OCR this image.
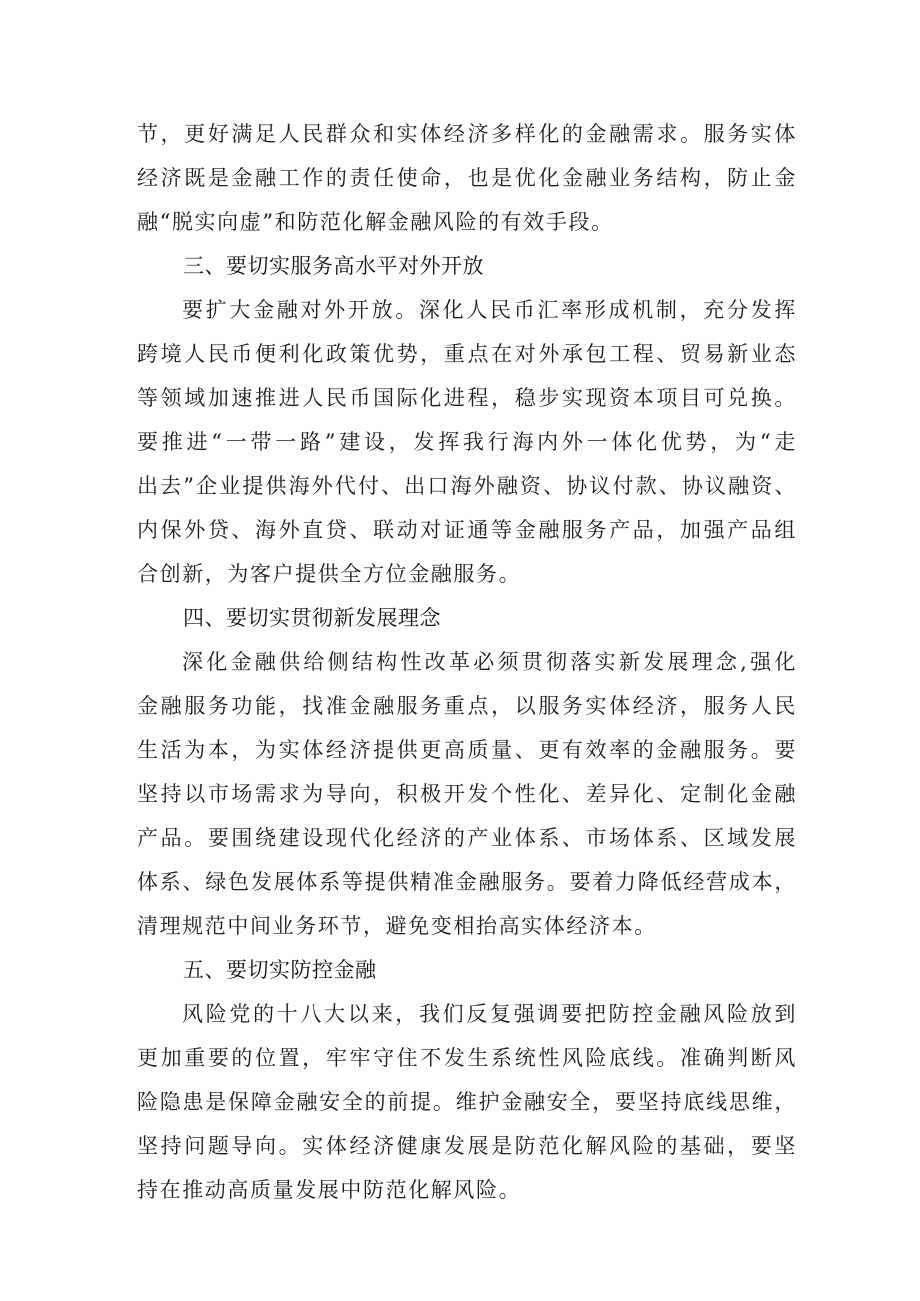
节，更好满足人民群众和实体经济多样化的金融需求。服务实体
经济既是金融工作的责任使命，也是优化金融业务结构，防止金
融“脱实向虚”和防范化解金融风险的有效手段。
三、要切实服务高水平对外开放
要扩大金融对外开放。深化人民币汇率形成机制，充分发挥
跨境人民币便利化政策优势，重点在对外承包工程、贸易新业态
等领域加速推进人民币国际化进程，稳步实现资本项目可兑换。
要推进“一带一路”建设，发挥我行海内外一体化优势，为“走
出去”企业提供海外代付、出口海外融资、协议付款、协议融资、
内保外贷、海外直贷、联动对证通等金融服务产品，加强产品组
合创新，为客户提供全方位金融服务。
四、要切实贯彻新发展理念
深化金融供给侧结构性改革必须贯彻落实新发展理念,强化
金融服务功能，找准金融服务重点，以服务实体经济，服务人民
生活为本，为实体经济提供更高质量、更有效率的金融服务。要
坚持以市场需求为导向，积极开发个性化、差异化、定制化金融
产品。要围绕建设现代化经济的产业体系、市场体系、区域发展
体系、绿色发展体系等提供精准金融服务。要着力降低经营成本，
清理规范中间业务环节，避免变相抬高实体经济本。
五、要切实防控金融
风险党的十八大以来，我们反复强调要把防控金融风险放到
更加重要的位置，牢牢守住不发生系统性风险底线。准确判断风
险隐患是保障金融安全的前提。维护金融安全，要坚持底线思维，
坚持问题导向。实体经济健康发展是防范化解风险的基础，要坚
持在推动高质量发展中防范化解风险。
